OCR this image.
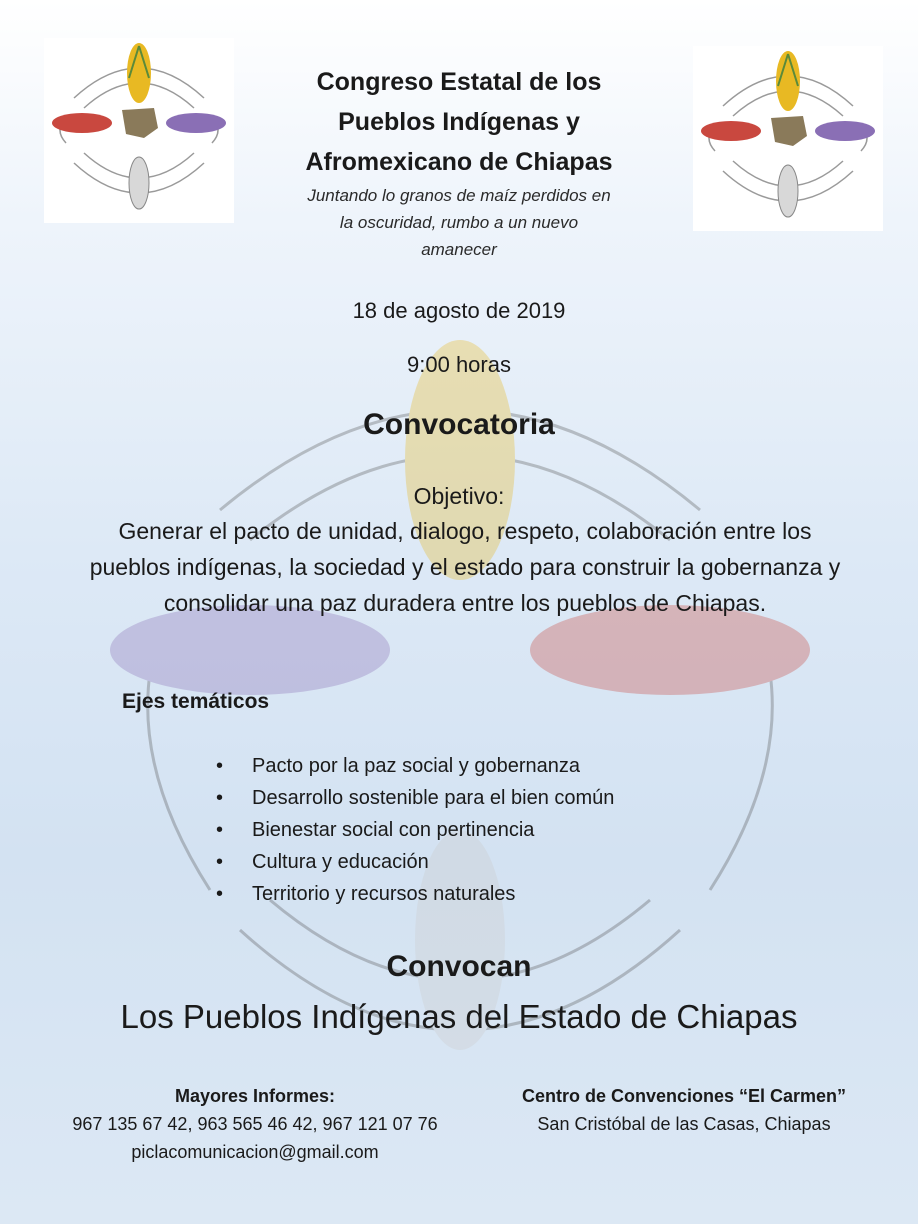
Congreso Estatal de los
Pueblos Indígenas y
Afromexicano de Chiapas
Juntando lo granos de maíz perdidos en
la oscuridad, rumbo a un nuevo
amanecer
18 de agosto de 2019
9:00 horas
Convocatoria
Objetivo:
Generar el pacto de unidad, dialogo, respeto, colaboración entre los pueblos indígenas, la sociedad y el estado para construir la gobernanza y consolidar una paz duradera entre los pueblos de Chiapas.
Ejes temáticos
• Pacto por la paz social y gobernanza
• Desarrollo sostenible para el bien común
• Bienestar social con pertinencia
• Cultura y educación
• Territorio y recursos naturales
Convocan
Los Pueblos Indígenas del Estado de Chiapas
Mayores Informes:
967 135 67 42, 963 565 46 42, 967 121 07 76
piclacomunicacion@gmail.com
Centro de Convenciones “El Carmen”
San Cristóbal de las Casas, Chiapas
